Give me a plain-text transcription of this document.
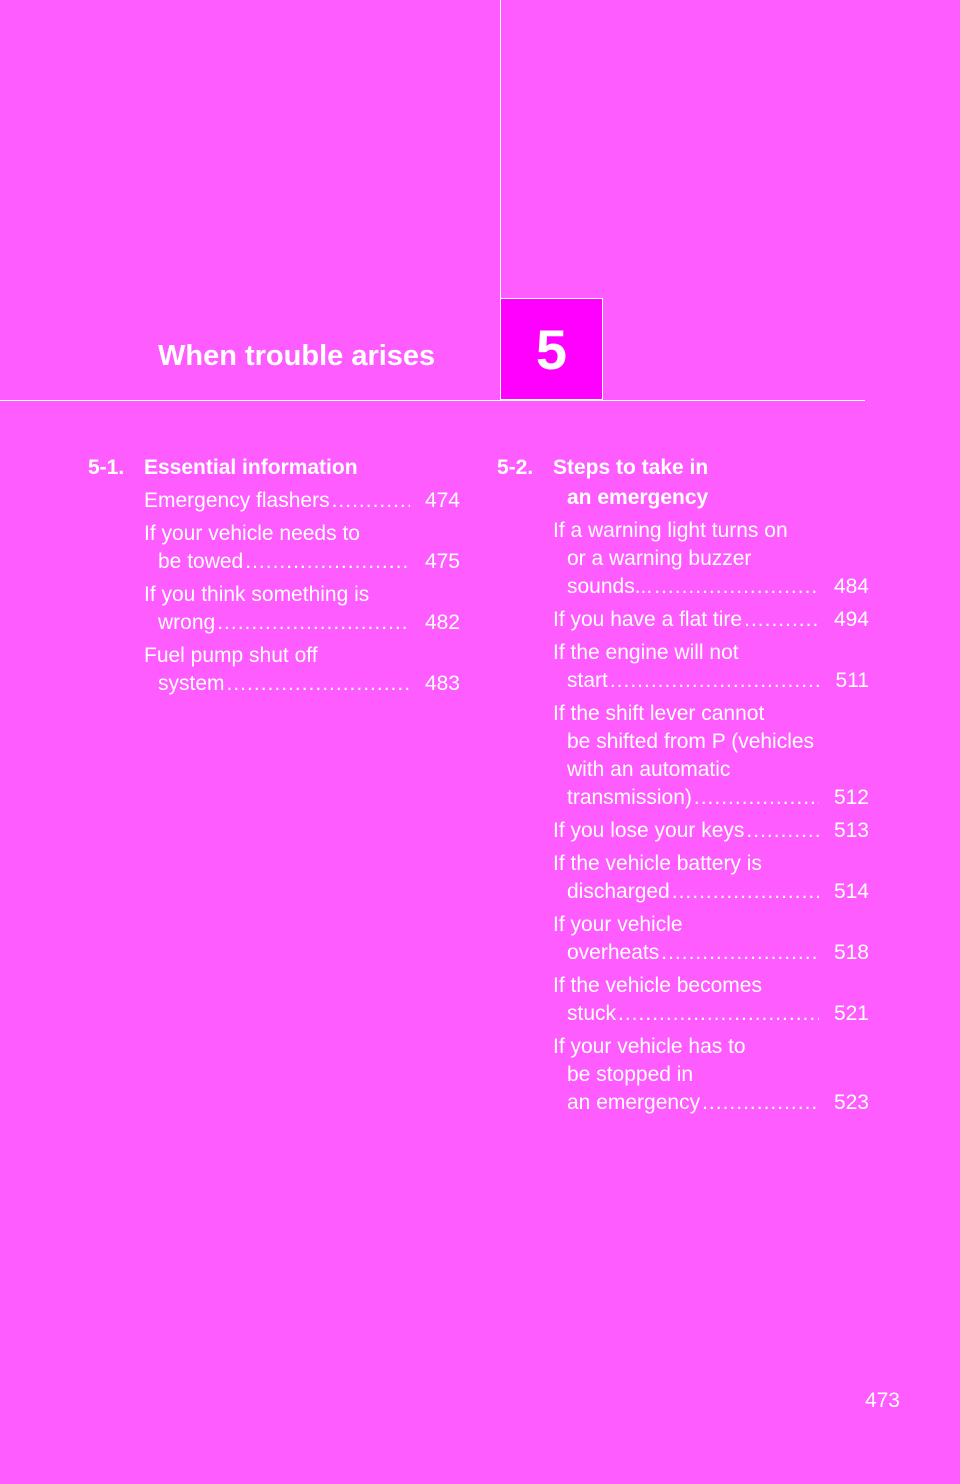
When trouble arises	5
5-1. Essential information
Emergency flashers .....	474
If your vehicle needs to
be towed .....	475
If you think something is
wrong .....	482
Fuel pump shut off
system .....	483
5-2. Steps to take in
an emergency
If a warning light turns on
or a warning buzzer
sounds... .....	484
If you have a flat tire .....	494
If the engine will not
start .....	511
If the shift lever cannot
be shifted from P (vehicles
with an automatic
transmission) .....	512
If you lose your keys .....	513
If the vehicle battery is
discharged .....	514
If your vehicle
overheats .....	518
If the vehicle becomes
stuck .....	521
If your vehicle has to
be stopped in
an emergency .....	523
473
